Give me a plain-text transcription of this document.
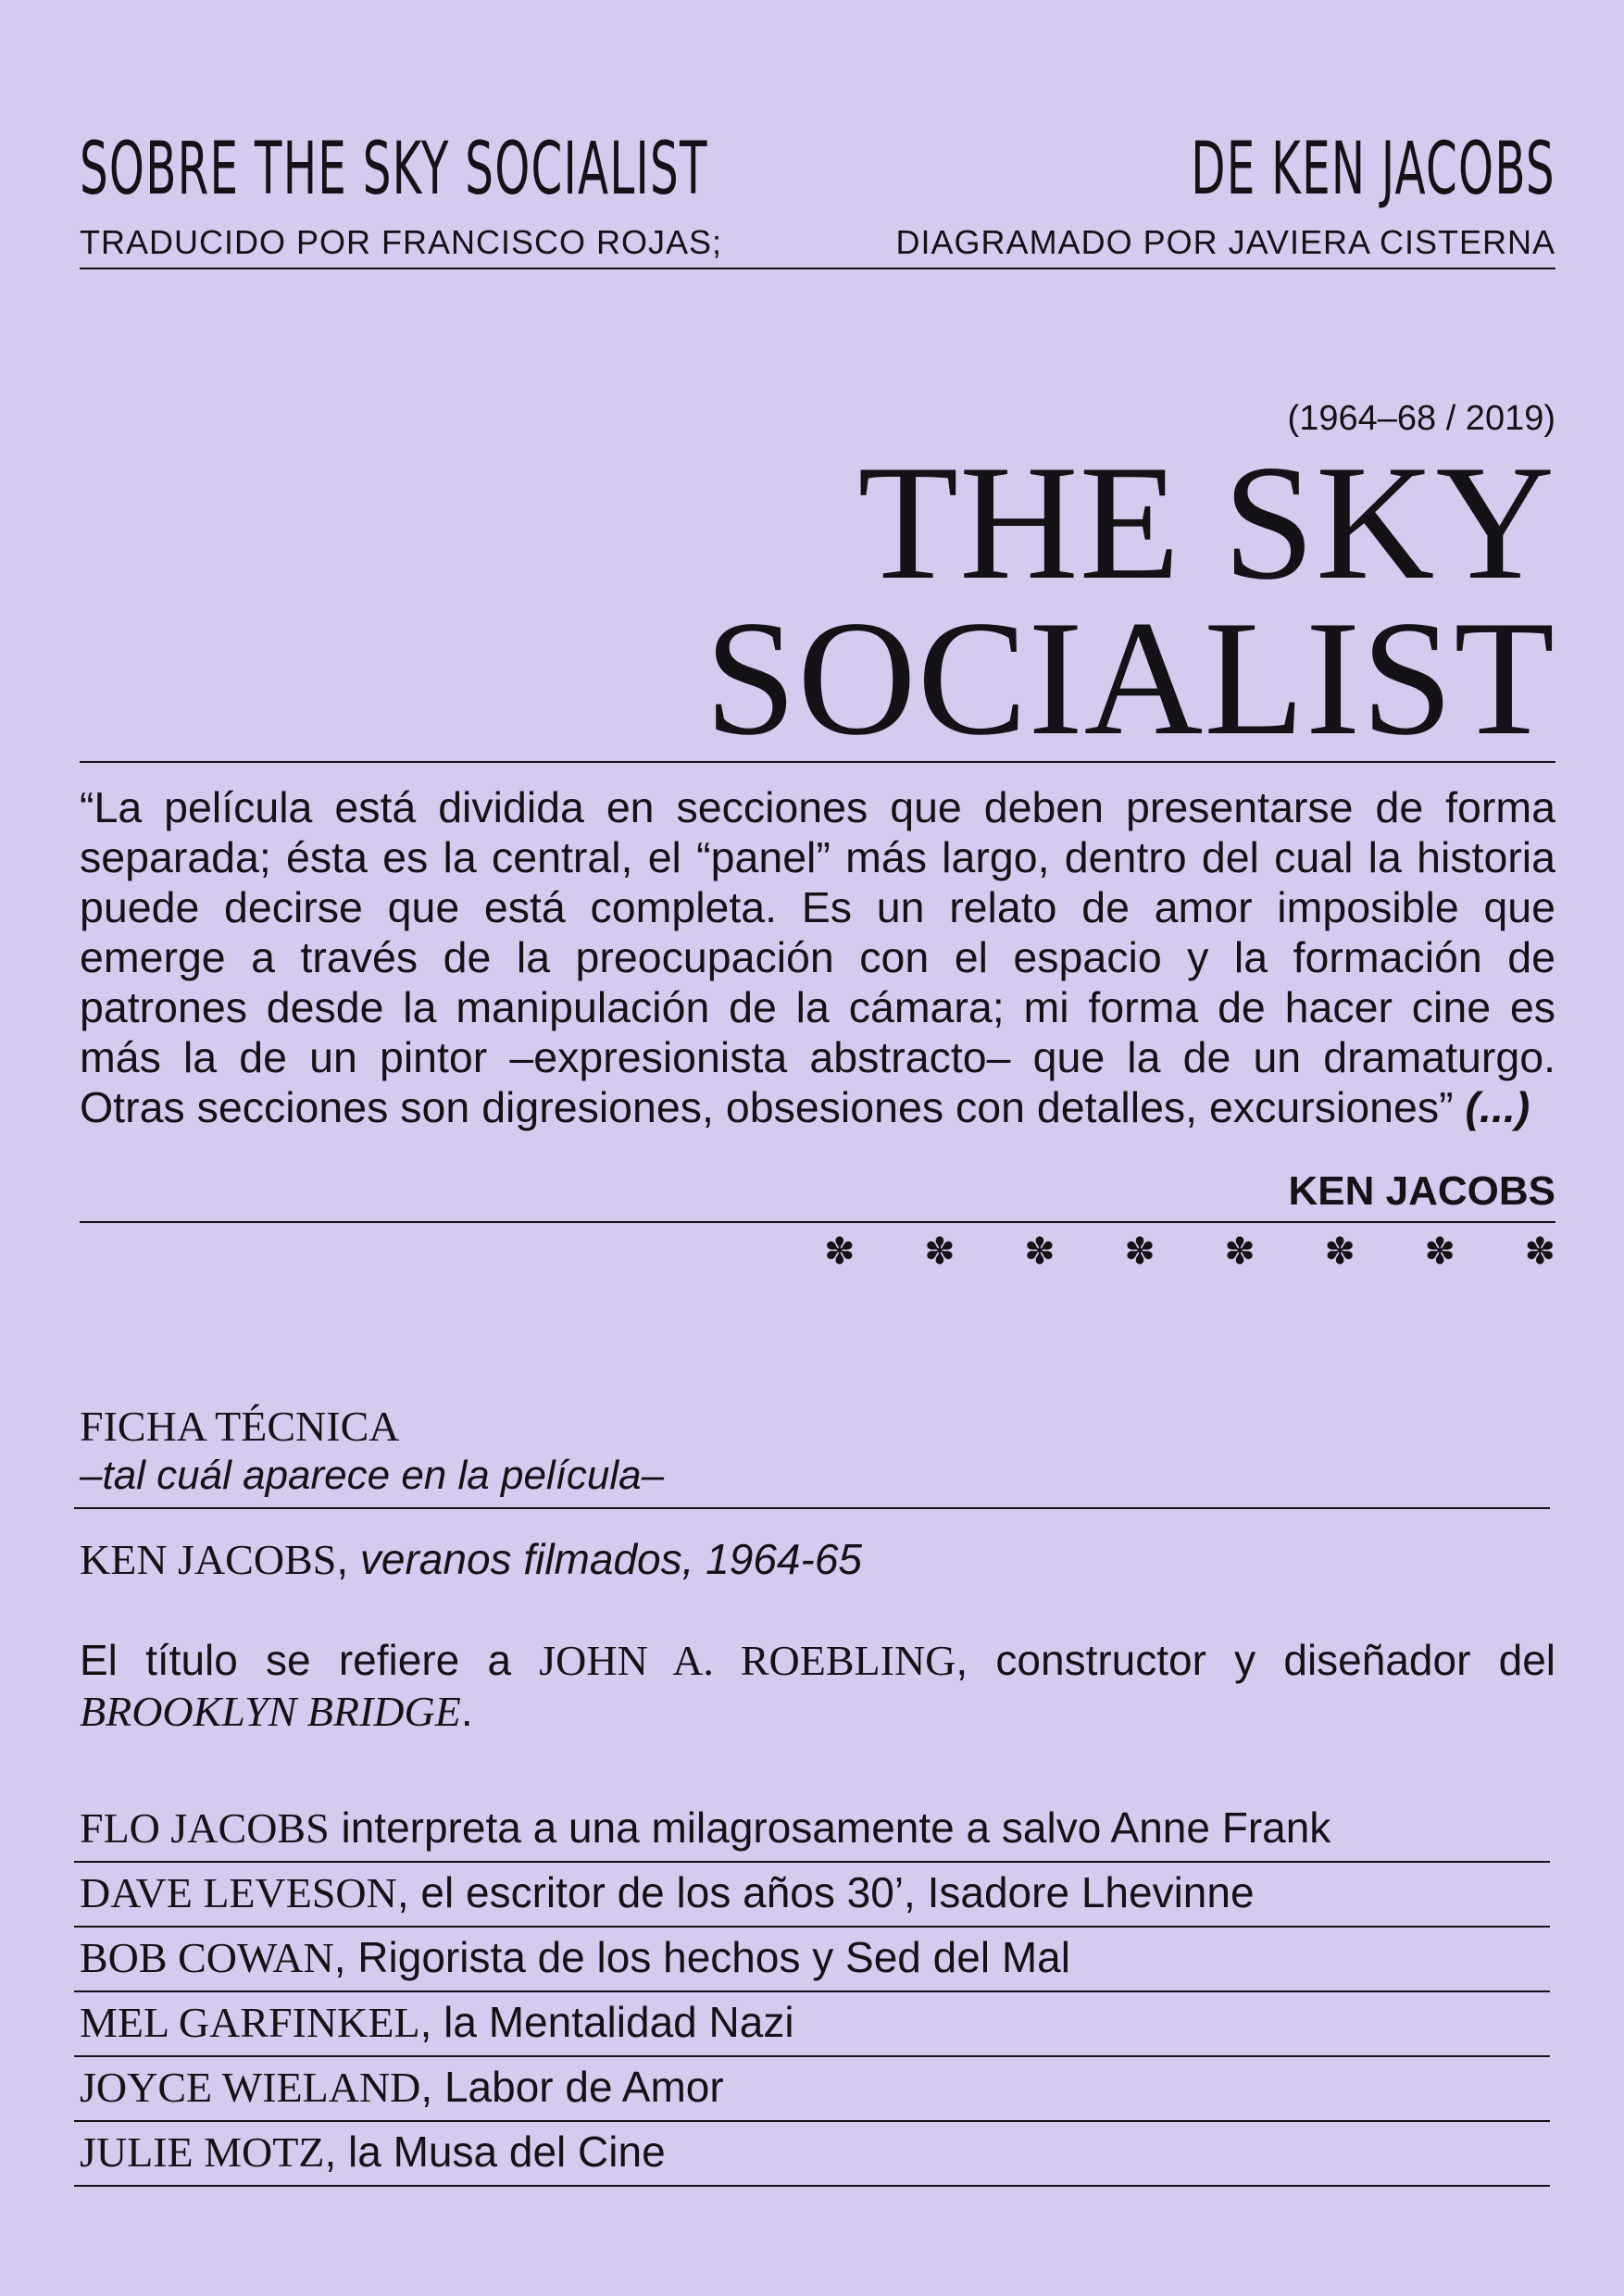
SOBRE THE SKY SOCIALIST	DE KEN JACOBS
TRADUCIDO POR FRANCISCO ROJAS;	DIAGRAMADO POR JAVIERA CISTERNA
(1964–68 / 2019)
THE SKY
SOCIALIST
“La película está dividida en secciones que deben presentarse de forma separada; ésta es la central, el “panel” más largo, dentro del cual la historia puede decirse que está completa. Es un relato de amor imposible que emerge a través de la preocupación con el espacio y la formación de patrones desde la manipulación de la cámara; mi forma de hacer cine es más la de un pintor –expresionista abstracto– que la de un dramaturgo. Otras secciones son digresiones, obsesiones con detalles, excursiones” (...)
KEN JACOBS
✽ ✽ ✽ ✽ ✽ ✽ ✽ ✽
FICHA TÉCNICA
–tal cuál aparece en la película–
KEN JACOBS, veranos filmados, 1964-65
El título se refiere a JOHN A. ROEBLING, constructor y diseñador del BROOKLYN BRIDGE.
FLO JACOBS interpreta a una milagrosamente a salvo Anne Frank
DAVE LEVESON, el escritor de los años 30’, Isadore Lhevinne
BOB COWAN, Rigorista de los hechos y Sed del Mal
MEL GARFINKEL, la Mentalidad Nazi
JOYCE WIELAND, Labor de Amor
JULIE MOTZ, la Musa del Cine
